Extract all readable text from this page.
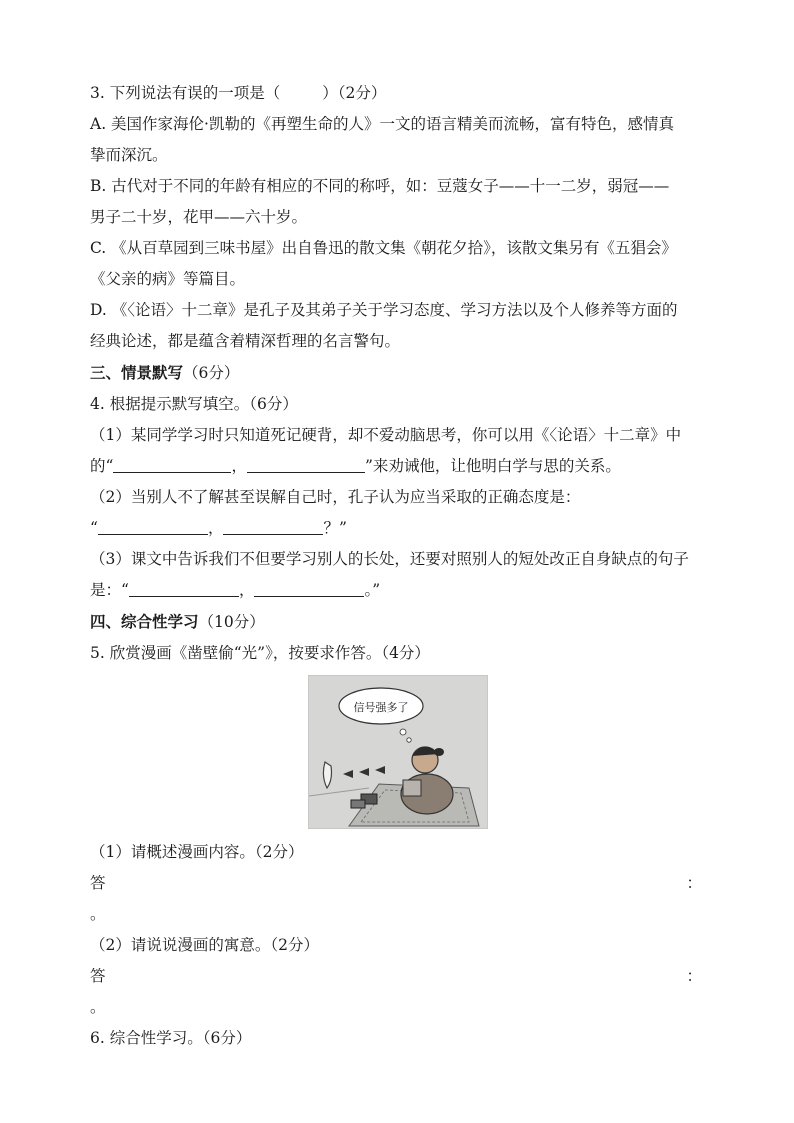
3. 下列说法有误的一项是（	）（2分）

A. 美国作家海伦·凯勒的《再塑生命的人》一文的语言精美而流畅，富有特色，感情真

挚而深沉。

B. 古代对于不同的年龄有相应的不同的称呼，如：豆蔻女子——十一二岁，弱冠——

男子二十岁，花甲——六十岁。

C. 《从百草园到三味书屋》出自鲁迅的散文集《朝花夕拾》，该散文集另有《五猖会》

《父亲的病》等篇目。

D. 《〈论语〉十二章》是孔子及其弟子关于学习态度、学习方法以及个人修养等方面的

经典论述，都是蕴含着精深哲理的名言警句。

三、情景默写（6分）

4. 根据提示默写填空。（6分）

（1）某同学学习时只知道死记硬背，却不爱动脑思考，你可以用《〈论语〉十二章》中

的“	，	”来劝诫他，让他明白学与思的关系。

（2）当别人不了解甚至误解自己时，孔子认为应当采取的正确态度是：

“	，	？”

（3）课文中告诉我们不但要学习别人的长处，还要对照别人的短处改正自身缺点的句子

是：“	，	。”

四、综合性学习（10分）

5. 欣赏漫画《凿壁偷“光”》，按要求作答。（4分）

信号强多了

（1）请概述漫画内容。（2分）

答	：

。

（2）请说说漫画的寓意。（2分）

答	：

。

6. 综合性学习。（6分）
